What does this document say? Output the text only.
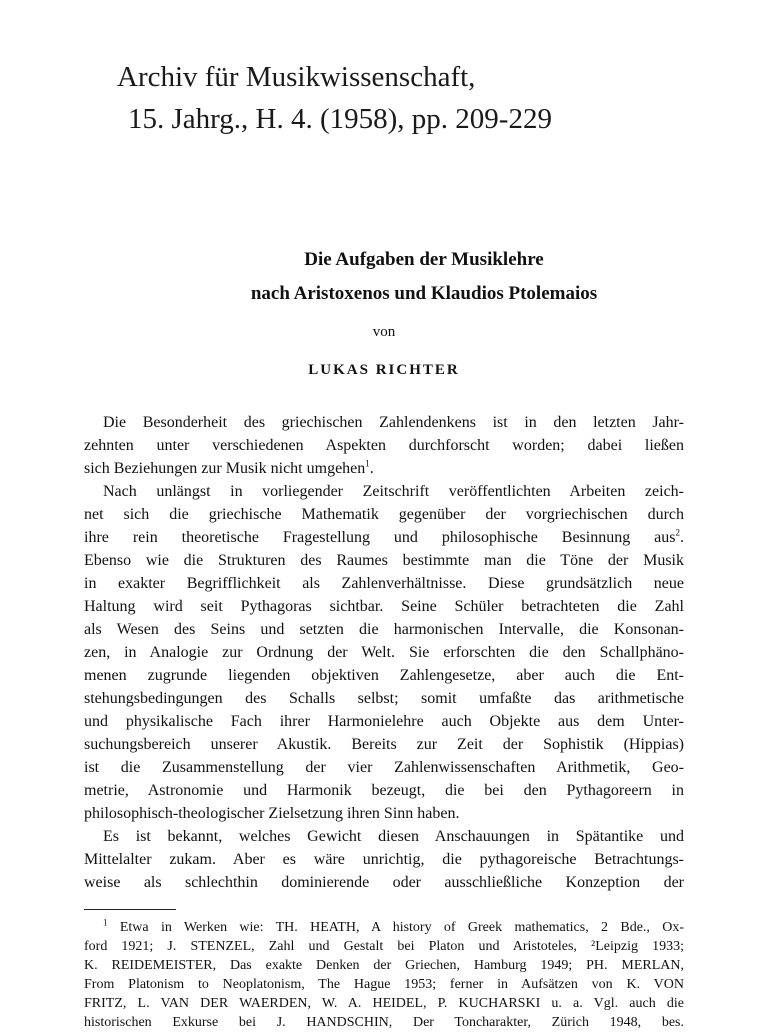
Archiv für Musikwissenschaft,
15. Jahrg., H. 4. (1958), pp. 209-229
Die Aufgaben der Musiklehre
nach Aristoxenos und Klaudios Ptolemaios
von
LUKAS RICHTER
Die Besonderheit des griechischen Zahlendenkens ist in den letzten Jahr-
zehnten unter verschiedenen Aspekten durchforscht worden; dabei ließen
sich Beziehungen zur Musik nicht umgehen$^1$.
Nach unlängst in vorliegender Zeitschrift veröffentlichten Arbeiten zeich-
net sich die griechische Mathematik gegenüber der vorgriechischen durch
ihre rein theoretische Fragestellung und philosophische Besinnung aus$^2$.
Ebenso wie die Strukturen des Raumes bestimmte man die Töne der Musik
in exakter Begrifflichkeit als Zahlenverhältnisse. Diese grundsätzlich neue
Haltung wird seit Pythagoras sichtbar. Seine Schüler betrachteten die Zahl
als Wesen des Seins und setzten die harmonischen Intervalle, die Konsonan-
zen, in Analogie zur Ordnung der Welt. Sie erforschten die den Schallphäno-
menen zugrunde liegenden objektiven Zahlengesetze, aber auch die Ent-
stehungsbedingungen des Schalls selbst; somit umfaßte das arithmetische
und physikalische Fach ihrer Harmonielehre auch Objekte aus dem Unter-
suchungsbereich unserer Akustik. Bereits zur Zeit der Sophistik (Hippias)
ist die Zusammenstellung der vier Zahlenwissenschaften Arithmetik, Geo-
metrie, Astronomie und Harmonik bezeugt, die bei den Pythagoreern in
philosophisch-theologischer Zielsetzung ihren Sinn haben.
Es ist bekannt, welches Gewicht diesen Anschauungen in Spätantike und
Mittelalter zukam. Aber es wäre unrichtig, die pythagoreische Betrachtungs-
weise als schlechthin dominierende oder ausschließliche Konzeption der
$^1$ Etwa in Werken wie: TH. HEATH, A history of Greek mathematics, 2 Bde., Ox-
ford 1921; J. STENZEL, Zahl und Gestalt bei Platon und Aristoteles, ²Leipzig 1933;
K. REIDEMEISTER, Das exakte Denken der Griechen, Hamburg 1949; PH. MERLAN,
From Platonism to Neoplatonism, The Hague 1953; ferner in Aufsätzen von K. VON
FRITZ, L. VAN DER WAERDEN, W. A. HEIDEL, P. KUCHARSKI u. a. Vgl. auch die
historischen Exkurse bei J. HANDSCHIN, Der Toncharakter, Zürich 1948, bes.
